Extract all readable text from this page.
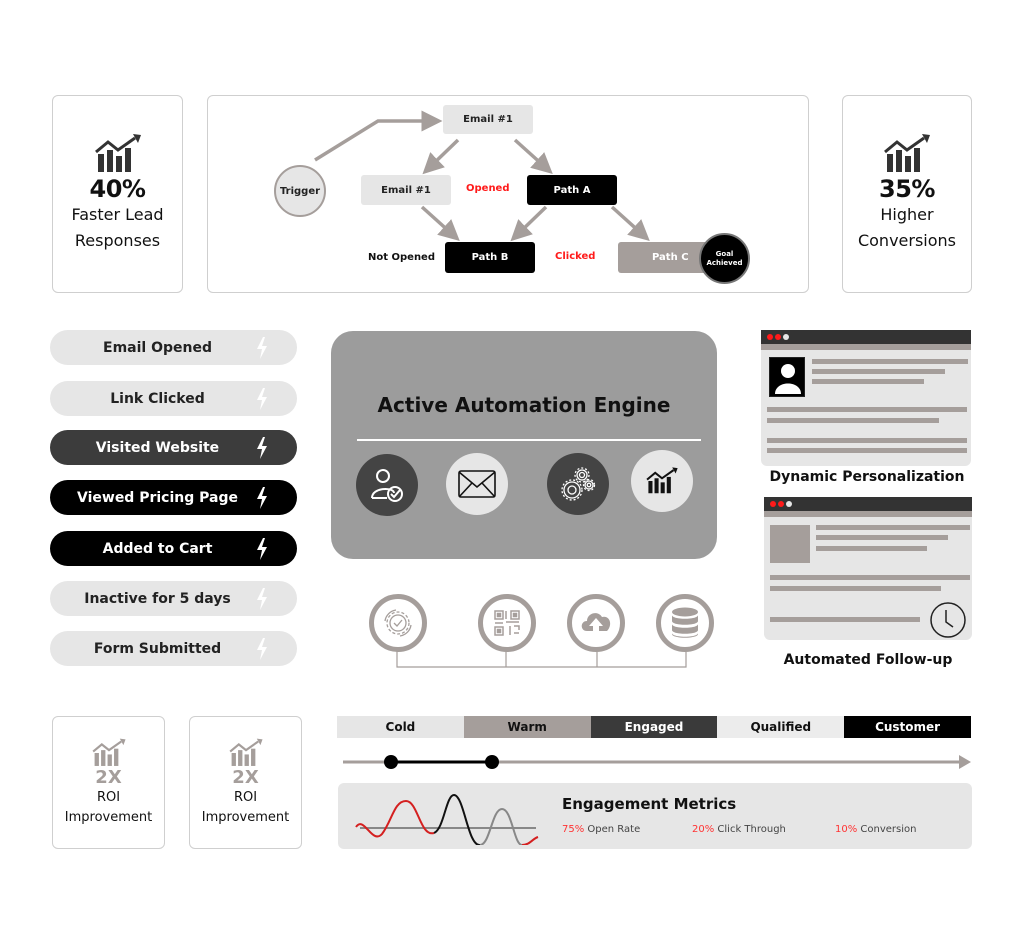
40%
Faster Lead
Responses
Trigger
Email #1
Email #1	Opened	Path A
Not Opened	Path B	Clicked	Path C	Goal
Achieved
35%
Higher
Conversions
Email Opened
Link Clicked
Visited Website
Viewed Pricing Page
Added to Cart
Inactive for 5 days
Form Submitted
Active Automation Engine
Dynamic Personalization
Automated Follow-up
2X
ROI
Improvement
2X
ROI
Improvement
Cold	Warm	Engaged	Qualified	Customer
Engagement Metrics
75% Open Rate	20% Click Through	10% Conversion
